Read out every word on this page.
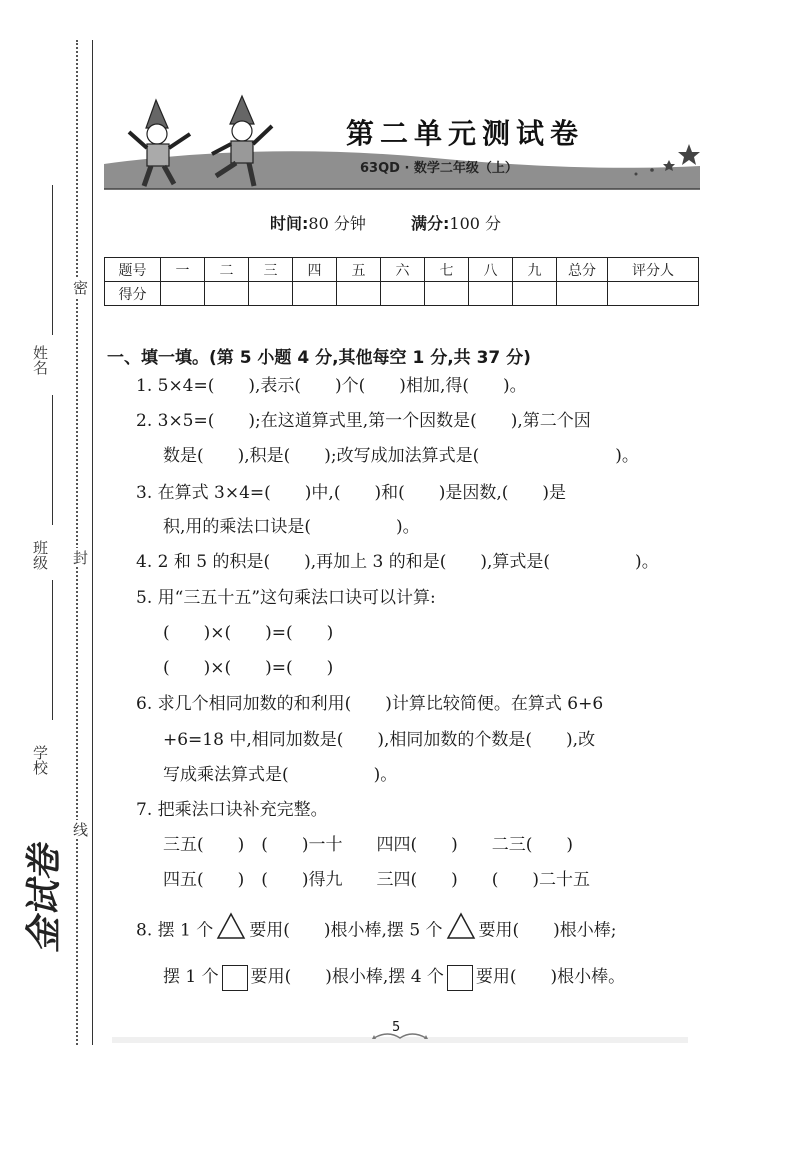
姓名
班级
学校
密
封
线
金试卷
第二单元测试卷
63QD · 数学二年级（上）
时间:80 分钟	满分:100 分
题号	一	二	三	四	五	六	七	八	九	总分	评分人
得分											
一、填一填。(第 5 小题 4 分,其他每空 1 分,共 37 分)
1. 5×4=(　　),表示(　　)个(　　)相加,得(　　)。
2. 3×5=(　　);在这道算式里,第一个因数是(　　),第二个因
数是(　　),积是(　　);改写成加法算式是(　　　　　　　　)。
3. 在算式 3×4=(　　)中,(　　)和(　　)是因数,(　　)是
积,用的乘法口诀是(　　　　　)。
4. 2 和 5 的积是(　　),再加上 3 的和是(　　),算式是(　　　　　)。
5. 用“三五十五”这句乘法口诀可以计算:
(　　)×(　　)=(　　)
(　　)×(　　)=(　　)
6. 求几个相同加数的和利用(　　)计算比较简便。在算式 6+6
+6=18 中,相同加数是(　　),相同加数的个数是(　　),改
写成乘法算式是(　　　　　)。
7. 把乘法口诀补充完整。
三五(　　)　(　　)一十　　四四(　　)　　二三(　　)
四五(　　)　(　　)得九　　三四(　　)　　(　　)二十五
8. 摆 1 个 要用(　　)根小棒,摆 5 个 要用(　　)根小棒;
摆 1 个 要用(　　)根小棒,摆 4 个 要用(　　)根小棒。
5
